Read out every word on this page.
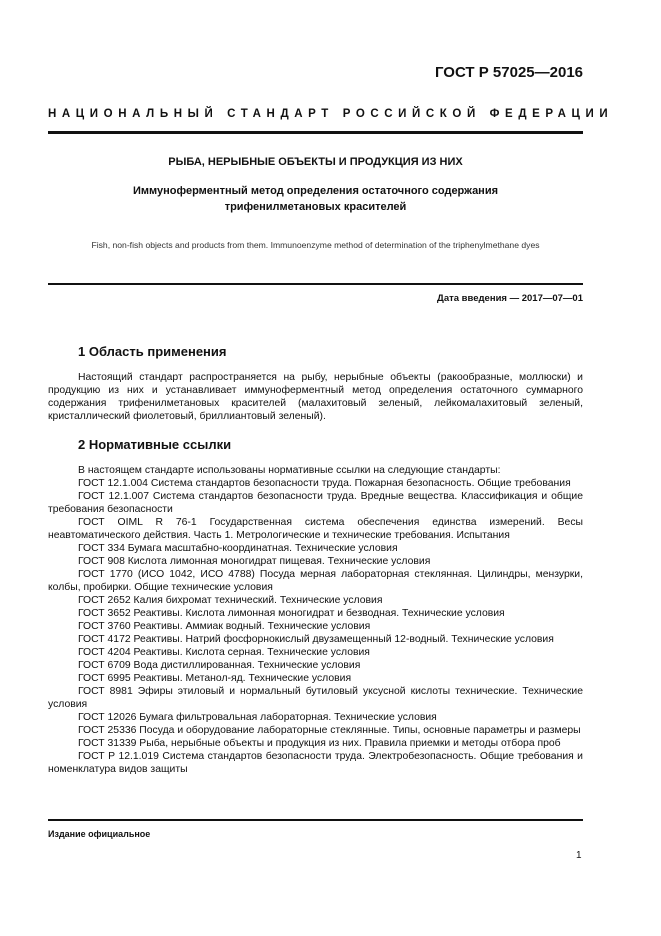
ГОСТ Р 57025—2016
НАЦИОНАЛЬНЫЙ СТАНДАРТ РОССИЙСКОЙ ФЕДЕРАЦИИ
РЫБА, НЕРЫБНЫЕ ОБЪЕКТЫ И ПРОДУКЦИЯ ИЗ НИХ
Иммуноферментный метод определения остаточного содержания
трифенилметановых красителей
Fish, non-fish objects and products from them. Immunoenzyme method of determination of the triphenylmethane dyes
Дата введения — 2017—07—01
1 Область применения

Настоящий стандарт распространяется на рыбу, нерыбные объекты (ракообразные, моллюски) и продукцию из них и устанавливает иммуноферментный метод определения остаточного суммарного содержания трифенилметановых красителей (малахитовый зеленый, лейкомалахитовый зеленый, кристаллический фиолетовый, бриллиантовый зеленый).

2 Нормативные ссылки

В настоящем стандарте использованы нормативные ссылки на следующие стандарты:

ГОСТ 12.1.004 Система стандартов безопасности труда. Пожарная безопасность. Общие требования

ГОСТ 12.1.007 Система стандартов безопасности труда. Вредные вещества. Классификация и общие требования безопасности

ГОСТ OIML R 76-1 Государственная система обеспечения единства измерений. Весы неавтоматического действия. Часть 1. Метрологические и технические требования. Испытания

ГОСТ 334 Бумага масштабно-координатная. Технические условия

ГОСТ 908 Кислота лимонная моногидрат пищевая. Технические условия

ГОСТ 1770 (ИСО 1042, ИСО 4788) Посуда мерная лабораторная стеклянная. Цилиндры, мензурки, колбы, пробирки. Общие технические условия

ГОСТ 2652 Калия бихромат технический. Технические условия

ГОСТ 3652 Реактивы. Кислота лимонная моногидрат и безводная. Технические условия

ГОСТ 3760 Реактивы. Аммиак водный. Технические условия

ГОСТ 4172 Реактивы. Натрий фосфорнокислый двузамещенный 12-водный. Технические условия

ГОСТ 4204 Реактивы. Кислота серная. Технические условия

ГОСТ 6709 Вода дистиллированная. Технические условия

ГОСТ 6995 Реактивы. Метанол-яд. Технические условия

ГОСТ 8981 Эфиры этиловый и нормальный бутиловый уксусной кислоты технические. Технические условия

ГОСТ 12026 Бумага фильтровальная лабораторная. Технические условия

ГОСТ 25336 Посуда и оборудование лабораторные стеклянные. Типы, основные параметры и размеры

ГОСТ 31339 Рыба, нерыбные объекты и продукция из них. Правила приемки и методы отбора проб

ГОСТ Р 12.1.019 Система стандартов безопасности труда. Электробезопасность. Общие требования и номенклатура видов защиты

Издание официальное
1
